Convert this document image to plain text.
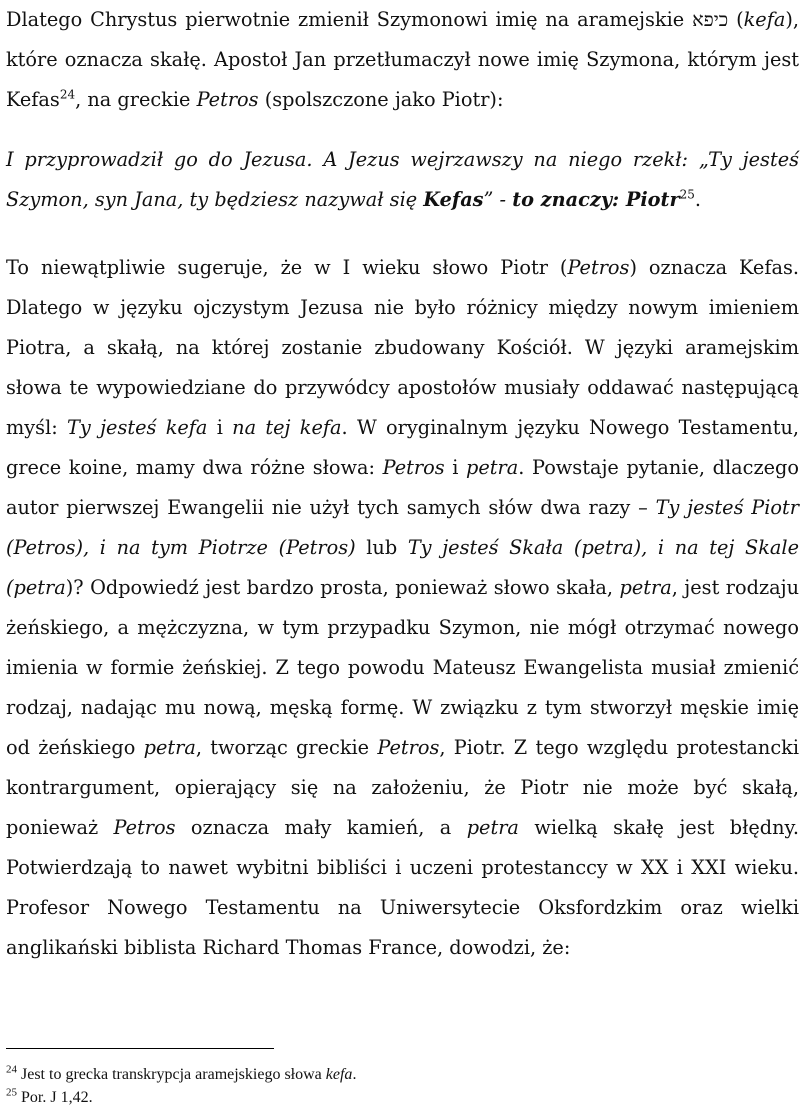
Dlatego Chrystus pierwotnie zmienił Szymonowi imię na aramejskie כיפא (kefa), które oznacza skałę. Apostoł Jan przetłumaczył nowe imię Szymona, którym jest Kefas$^{24}$, na greckie Petros (spolszczone jako Piotr):

I przyprowadził go do Jezusa. A Jezus wejrzawszy na niego rzekł: „Ty jesteś Szymon, syn Jana, ty będziesz nazywał się Kefas” - to znaczy: Piotr$^{25}$.

To niewątpliwie sugeruje, że w I wieku słowo Piotr (Petros) oznacza Kefas. Dlatego w języku ojczystym Jezusa nie było różnicy między nowym imieniem Piotra, a skałą, na której zostanie zbudowany Kościół. W języki aramejskim słowa te wypowiedziane do przywódcy apostołów musiały oddawać następującą myśl: Ty jesteś kefa i na tej kefa. W oryginalnym języku Nowego Testamentu, grece koine, mamy dwa różne słowa: Petros i petra. Powstaje pytanie, dlaczego autor pierwszej Ewangelii nie użył tych samych słów dwa razy – Ty jesteś Piotr (Petros), i na tym Piotrze (Petros) lub Ty jesteś Skała (petra), i na tej Skale (petra)? Odpowiedź jest bardzo prosta, ponieważ słowo skała, petra, jest rodzaju żeńskiego, a mężczyzna, w tym przypadku Szymon, nie mógł otrzymać nowego imienia w formie żeńskiej. Z tego powodu Mateusz Ewangelista musiał zmienić rodzaj, nadając mu nową, męską formę. W związku z tym stworzył męskie imię od żeńskiego petra, tworząc greckie Petros, Piotr. Z tego względu protestancki kontrargument, opierający się na założeniu, że Piotr nie może być skałą, ponieważ Petros oznacza mały kamień, a petra wielką skałę jest błędny. Potwierdzają to nawet wybitni bibliści i uczeni protestanccy w XX i XXI wieku. Profesor Nowego Testamentu na Uniwersytecie Oksfordzkim oraz wielki anglikański biblista Richard Thomas France, dowodzi, że:

$^{24}$ Jest to grecka transkrypcja aramejskiego słowa kefa.
$^{25}$ Por. J 1,42.
